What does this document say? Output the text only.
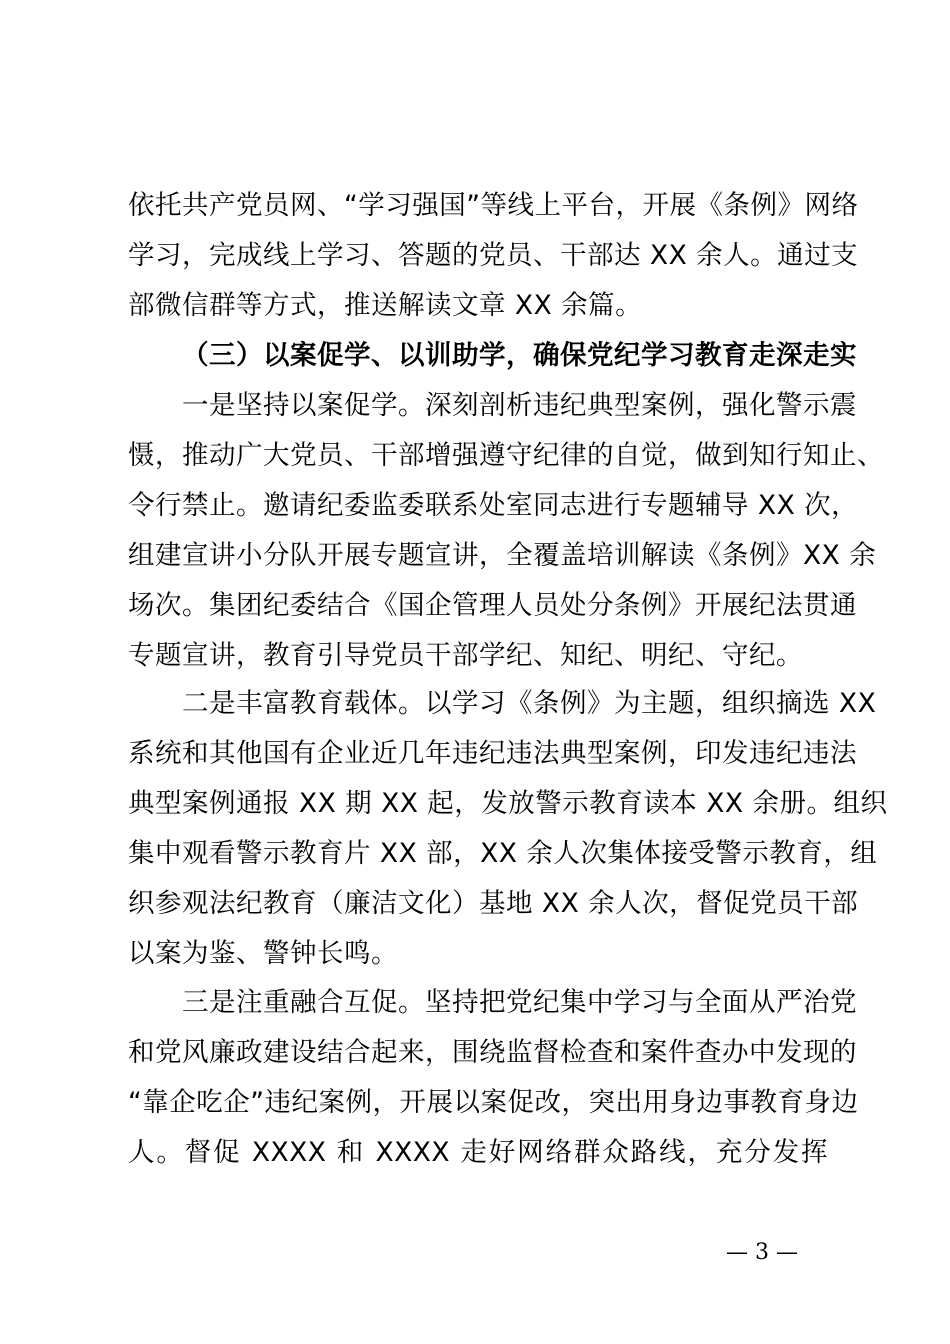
依托共产党员网、“学习强国”等线上平台，开展《条例》网络
学习，完成线上学习、答题的党员、干部达 XX 余人。通过支
部微信群等方式，推送解读文章 XX 余篇。
（三）以案促学、以训助学，确保党纪学习教育走深走实
一是坚持以案促学。深刻剖析违纪典型案例，强化警示震
慑，推动广大党员、干部增强遵守纪律的自觉，做到知行知止、
令行禁止。邀请纪委监委联系处室同志进行专题辅导 XX 次，
组建宣讲小分队开展专题宣讲，全覆盖培训解读《条例》XX 余
场次。集团纪委结合《国企管理人员处分条例》开展纪法贯通
专题宣讲，教育引导党员干部学纪、知纪、明纪、守纪。
二是丰富教育载体。以学习《条例》为主题，组织摘选 XX
系统和其他国有企业近几年违纪违法典型案例，印发违纪违法
典型案例通报 XX 期 XX 起，发放警示教育读本 XX 余册。组织
集中观看警示教育片 XX 部，XX 余人次集体接受警示教育，组
织参观法纪教育（廉洁文化）基地 XX 余人次，督促党员干部
以案为鉴、警钟长鸣。
三是注重融合互促。坚持把党纪集中学习与全面从严治党
和党风廉政建设结合起来，围绕监督检查和案件查办中发现的
“靠企吃企”违纪案例，开展以案促改，突出用身边事教育身边
人。督促 XXXX 和 XXXX 走好网络群众路线，充分发挥
— 3 —
